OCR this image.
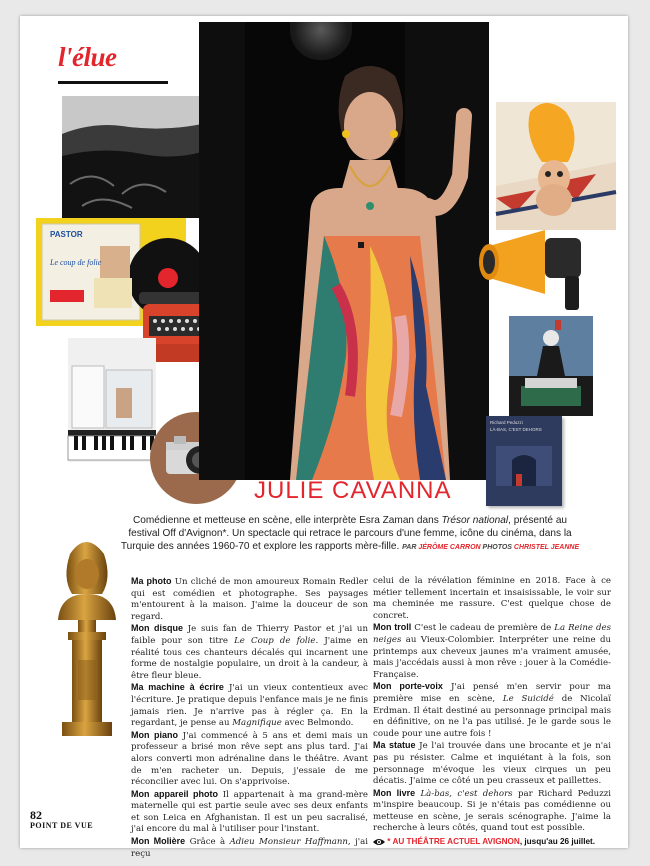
l'élue
PASTOR
Le coup de folie
Richard Peduzzi
LÀ-BAS, C'EST DEHORS
JULIE CAVANNA
Comédienne et metteuse en scène, elle interprète Esra Zaman dans Trésor national, présenté au festival Off d'Avignon*. Un spectacle qui retrace le parcours d'une femme, icône du cinéma, dans la Turquie des années 1960-70 et explore les rapports mère-fille. PAR JÉRÔME CARRON PHOTOS CHRISTEL JEANNE

Ma photo Un cliché de mon amoureux Romain Redler qui est comédien et photographe. Ses paysages m'entourent à la maison. J'aime la douceur de son regard.

Mon disque Je suis fan de Thierry Pastor et j'ai un faible pour son titre Le Coup de folie. J'aime en réalité tous ces chanteurs décalés qui incarnent une forme de nostalgie populaire, un droit à la candeur, à être fleur bleue.

Ma machine à écrire J'ai un vieux contentieux avec l'écriture. Je pratique depuis l'enfance mais je ne finis jamais rien. Je n'arrive pas à régler ça. En la regardant, je pense au Magnifique avec Belmondo.

Mon piano J'ai commencé à 5 ans et demi mais un professeur a brisé mon rêve sept ans plus tard. J'ai alors converti mon adrénaline dans le théâtre. Avant de m'en racheter un. Depuis, j'essaie de me réconcilier avec lui. On s'apprivoise.

Mon appareil photo Il appartenait à ma grand-mère maternelle qui est partie seule avec ses deux enfants et son Leica en Afghanistan. Il est un peu sacralisé, j'ai encore du mal à l'utiliser pour l'instant.

Mon Molière Grâce à Adieu Monsieur Haffmann, j'ai reçu

celui de la révélation féminine en 2018. Face à ce métier tellement incertain et insaisissable, le voir sur ma cheminée me rassure. C'est quelque chose de concret.

Mon troll C'est le cadeau de première de La Reine des neiges au Vieux-Colombier. Interpréter une reine du printemps aux cheveux jaunes m'a vraiment amusée, mais j'accédais aussi à mon rêve : jouer à la Comédie-Française.

Mon porte-voix J'ai pensé m'en servir pour ma première mise en scène, Le Suicidé de Nicolaï Erdman. Il était destiné au personnage principal mais en définitive, on ne l'a pas utilisé. Je le garde sous le coude pour une autre fois !

Ma statue Je l'ai trouvée dans une brocante et je n'ai pas pu résister. Calme et inquiétant à la fois, son personnage m'évoque les vieux cirques un peu décatis. J'aime ce côté un peu crasseux et paillettes.

Mon livre Là-bas, c'est dehors par Richard Peduzzi m'inspire beaucoup. Si je n'étais pas comédienne ou metteuse en scène, je serais scénographe. J'aime la recherche à leurs côtés, quand tout est possible.

* AU THÉÂTRE ACTUEL AVIGNON, jusqu'au 26 juillet.
82
POINT DE VUE
